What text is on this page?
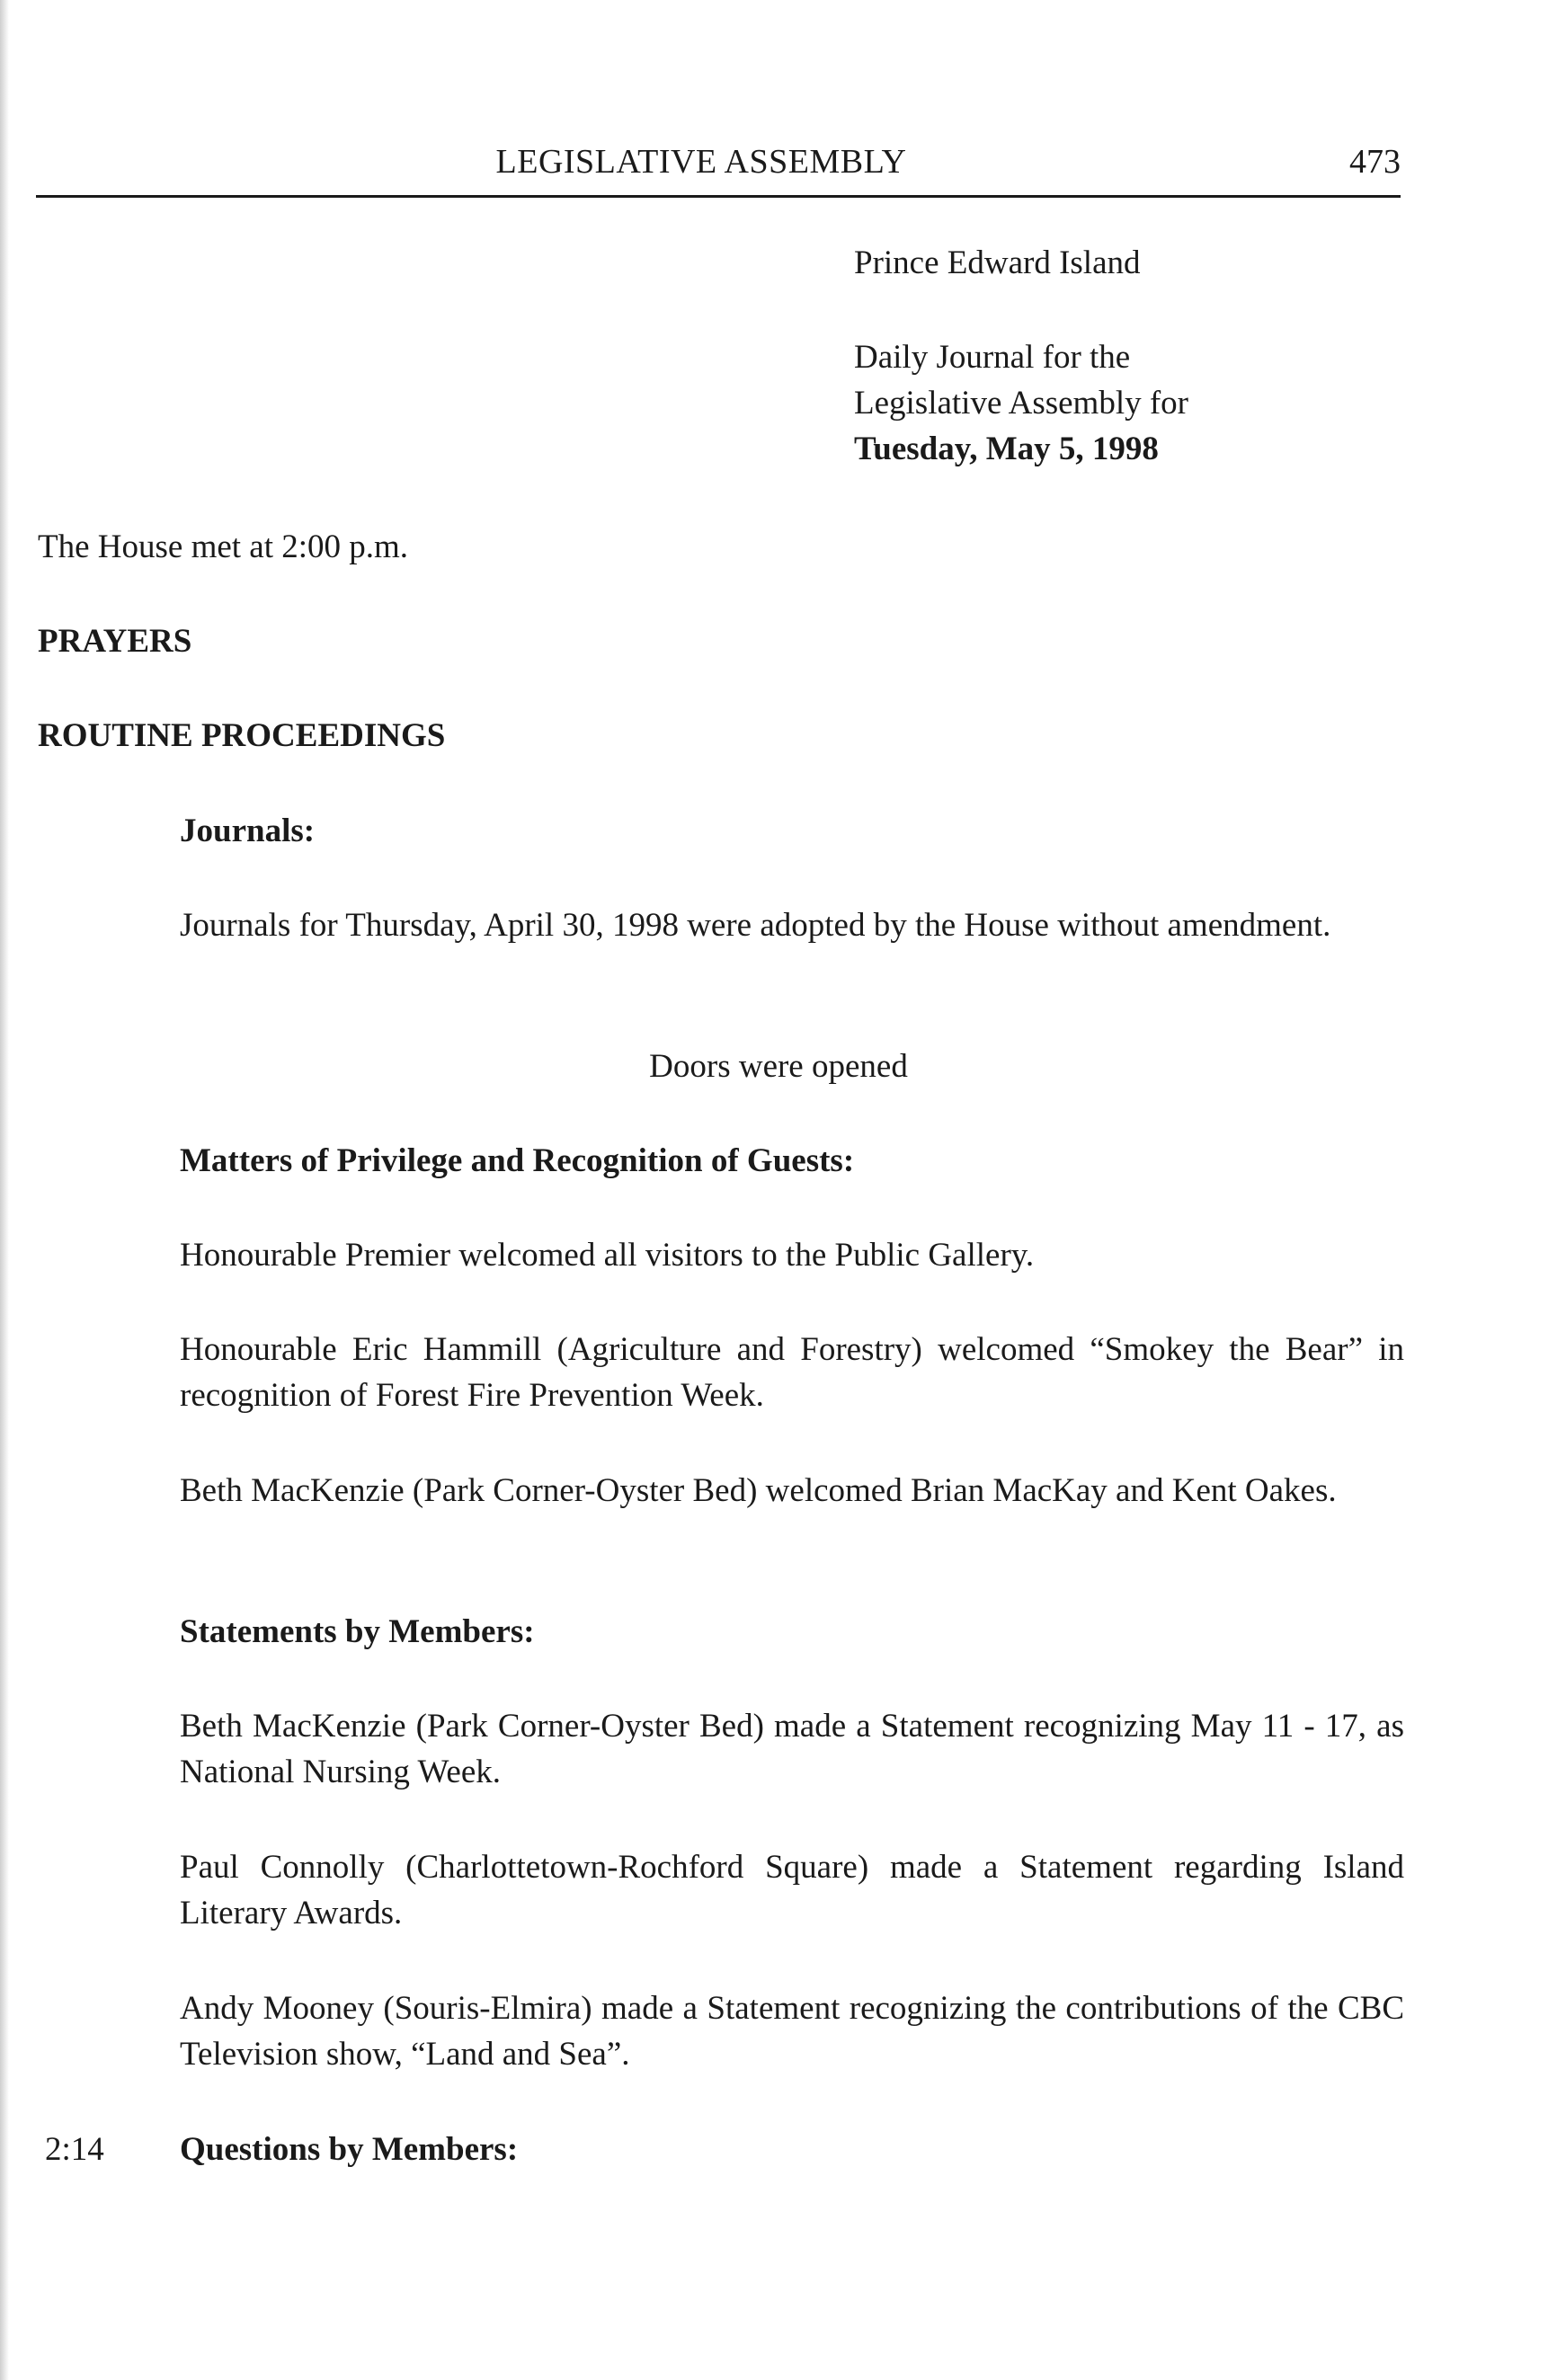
LEGISLATIVE ASSEMBLY	473
Prince Edward Island
Daily Journal for the
Legislative Assembly for
Tuesday, May 5, 1998
The House met at 2:00 p.m.
PRAYERS
ROUTINE PROCEEDINGS
Journals:
Journals for Thursday, April 30, 1998 were adopted by the House without amendment.
Doors were opened
Matters of Privilege and Recognition of Guests:
Honourable Premier welcomed all visitors to the Public Gallery.
Honourable Eric Hammill (Agriculture and Forestry) welcomed “Smokey the Bear” in recognition of Forest Fire Prevention Week.
Beth MacKenzie (Park Corner-Oyster Bed) welcomed Brian MacKay and Kent Oakes.
Statements by Members:
Beth MacKenzie (Park Corner-Oyster Bed) made a Statement recognizing May 11 - 17, as National Nursing Week.
Paul Connolly (Charlottetown-Rochford Square) made a Statement regarding Island Literary Awards.
Andy Mooney (Souris-Elmira) made a Statement recognizing the contributions of the CBC Television show, “Land and Sea”.
2:14 Questions by Members:
